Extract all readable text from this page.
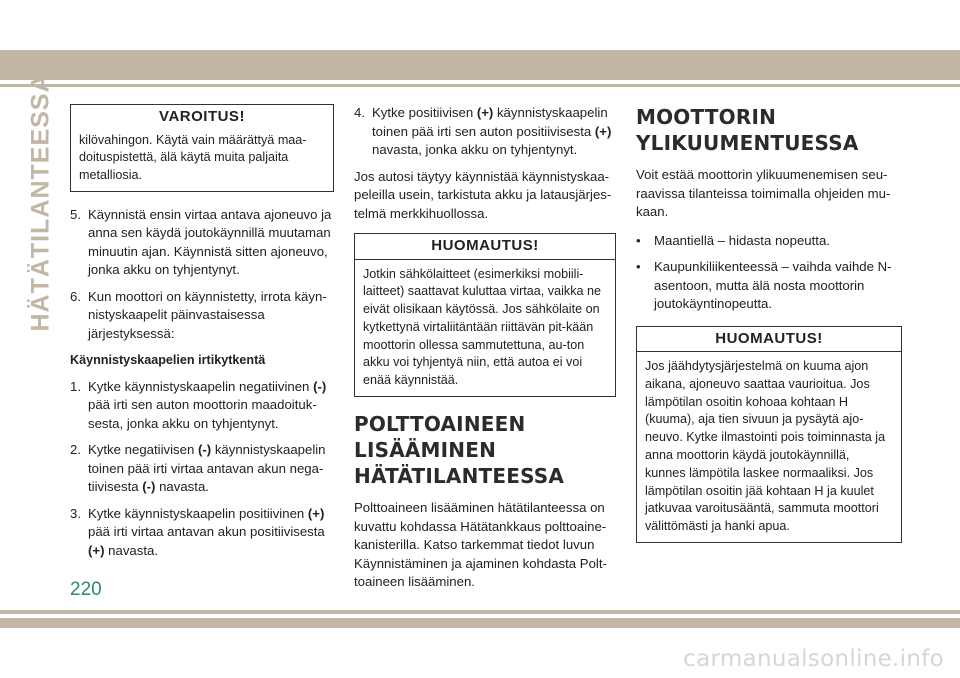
HÄTÄTILANTEESSA	VAROITUS!
kilövahingon. Käytä vain määrättyä maa-doituspistettä, älä käytä muita paljaita metalliosia.
5. Käynnistä ensin virtaa antava ajoneuvo ja anna sen käydä joutokäynnillä muutaman minuutin ajan. Käynnistä sitten ajoneuvo, jonka akku on tyhjentynyt.
6. Kun moottori on käynnistetty, irrota käyn-nistyskaapelit päinvastaisessa järjestyksessä:
Käynnistyskaapelien irtikytkentä
1. Kytke käynnistyskaapelin negatiivinen (-) pää irti sen auton moottorin maadoituk-sesta, jonka akku on tyhjentynyt.
2. Kytke negatiivisen (-) käynnistyskaapelin toinen pää irti virtaa antavan akun nega-tiivisesta (-) navasta.
3. Kytke käynnistyskaapelin positiivinen (+) pää irti virtaa antavan akun positiivisesta (+) navasta.
4. Kytke positiivisen (+) käynnistyskaapelin toinen pää irti sen auton positiivisesta (+) navasta, jonka akku on tyhjentynyt.

Jos autosi täytyy käynnistää käynnistyskaa-peleilla usein, tarkistuta akku ja latausjärjes-telmä merkkihuollossa.

HUOMAUTUS!
Jotkin sähkölaitteet (esimerkiksi mobiili-laitteet) saattavat kuluttaa virtaa, vaikka ne eivät olisikaan käytössä. Jos sähkölaite on kytkettynä virtaliitäntään riittävän pit-kään moottorin ollessa sammutettuna, au-ton akku voi tyhjentyä niin, että autoa ei voi enää käynnistää.
POLTTOAINEEN
LISÄÄMINEN
HÄTÄTILANTEESSA

Polttoaineen lisääminen hätätilanteessa on kuvattu kohdassa Hätätankkaus polttoaine-kanisterilla. Katso tarkemmat tiedot luvun Käynnistäminen ja ajaminen kohdasta Polt-toaineen lisääminen.

MOOTTORIN
YLIKUUMENTUESSA

Voit estää moottorin ylikuumenemisen seu-raavissa tilanteissa toimimalla ohjeiden mu-kaan.

• Maantiellä – hidasta nopeutta.
• Kaupunkiliikenteessä – vaihda vaihde N-asentoon, mutta älä nosta moottorin joutokäyntinopeutta.
HUOMAUTUS!
Jos jäähdytysjärjestelmä on kuuma ajon aikana, ajoneuvo saattaa vaurioitua. Jos lämpötilan osoitin kohoaa kohtaan H (kuuma), aja tien sivuun ja pysäytä ajo-neuvo. Kytke ilmastointi pois toiminnasta ja anna moottorin käydä joutokäynnillä, kunnes lämpötila laskee normaaliksi. Jos lämpötilan osoitin jää kohtaan H ja kuulet jatkuvaa varoitusääntä, sammuta moottori välittömästi ja hanki apua.
220
carmanualsonline.info
